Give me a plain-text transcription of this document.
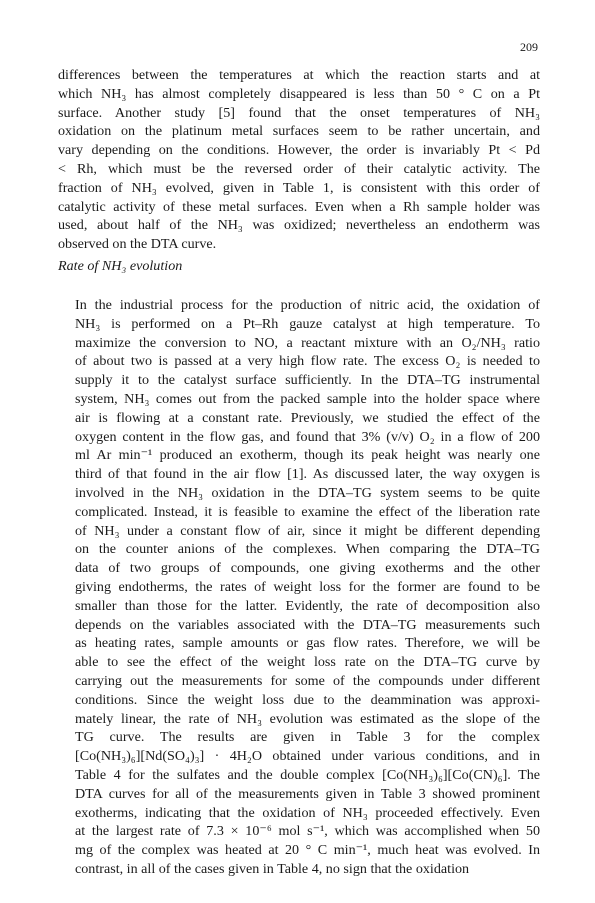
209
differences between the temperatures at which the reaction starts and at
which NH₃ has almost completely disappeared is less than 50 ° C on a Pt
surface. Another study [5] found that the onset temperatures of NH₃
oxidation on the platinum metal surfaces seem to be rather uncertain, and
vary depending on the conditions. However, the order is invariably Pt < Pd
< Rh, which must be the reversed order of their catalytic activity. The
fraction of NH₃ evolved, given in Table 1, is consistent with this order of
catalytic activity of these metal surfaces. Even when a Rh sample holder was
used, about half of the NH₃ was oxidized; nevertheless an endotherm was
observed on the DTA curve.
Rate of NH₃ evolution
In the industrial process for the production of nitric acid, the oxidation of
NH₃ is performed on a Pt–Rh gauze catalyst at high temperature. To
maximize the conversion to NO, a reactant mixture with an O₂/NH₃ ratio
of about two is passed at a very high flow rate. The excess O₂ is needed to
supply it to the catalyst surface sufficiently. In the DTA–TG instrumental
system, NH₃ comes out from the packed sample into the holder space where
air is flowing at a constant rate. Previously, we studied the effect of the
oxygen content in the flow gas, and found that 3% (v/v) O₂ in a flow of 200
ml Ar min⁻¹ produced an exotherm, though its peak height was nearly one
third of that found in the air flow [1]. As discussed later, the way oxygen is
involved in the NH₃ oxidation in the DTA–TG system seems to be quite
complicated. Instead, it is feasible to examine the effect of the liberation rate
of NH₃ under a constant flow of air, since it might be different depending
on the counter anions of the complexes. When comparing the DTA–TG
data of two groups of compounds, one giving exotherms and the other
giving endotherms, the rates of weight loss for the former are found to be
smaller than those for the latter. Evidently, the rate of decomposition also
depends on the variables associated with the DTA–TG measurements such
as heating rates, sample amounts or gas flow rates. Therefore, we will be
able to see the effect of the weight loss rate on the DTA–TG curve by
carrying out the measurements for some of the compounds under different
conditions. Since the weight loss due to the deammination was approxi-
mately linear, the rate of NH₃ evolution was estimated as the slope of the
TG curve. The results are given in Table 3 for the complex
[Co(NH₃)₆][Nd(SO₄)₃] · 4H₂O obtained under various conditions, and in
Table 4 for the sulfates and the double complex [Co(NH₃)₆][Co(CN)₆]. The
DTA curves for all of the measurements given in Table 3 showed prominent
exotherms, indicating that the oxidation of NH₃ proceeded effectively. Even
at the largest rate of 7.3 × 10⁻⁶ mol s⁻¹, which was accomplished when 50
mg of the complex was heated at 20 ° C min⁻¹, much heat was evolved. In
contrast, in all of the cases given in Table 4, no sign that the oxidation
